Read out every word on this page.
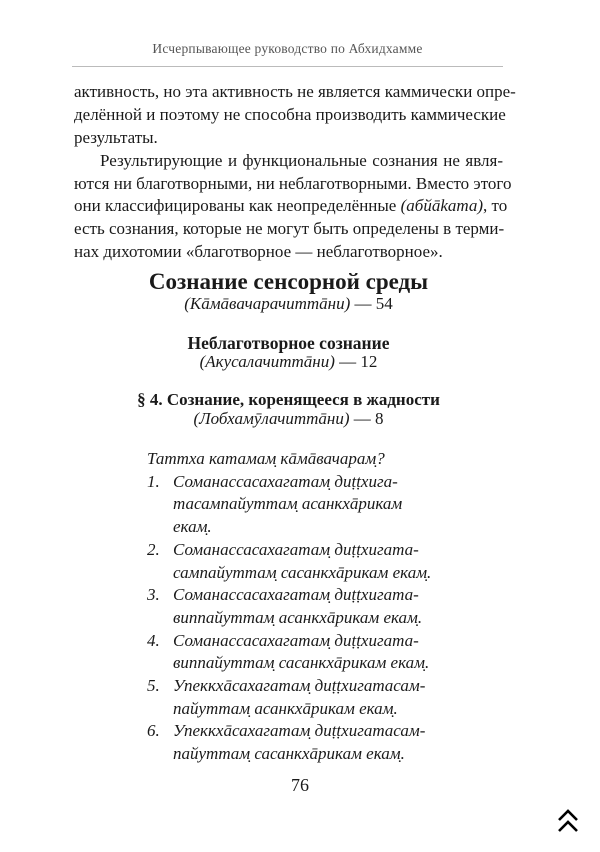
Исчерпывающее руководство по Абхидхамме
активность, но эта активность не является каммически опре-
делённой и поэтому не способна производить каммические
результаты.
Результирующие и функциональные сознания не явля-
ются ни благотворными, ни неблаготворными. Вместо этого
они классифицированы как неопределённые (абйākата), то
есть сознания, которые не могут быть определены в терми-
нах дихотомии «благотворное — неблаготворное».
Сознание сенсорной среды
(Кāмāвачарачиттāни) — 54
Неблаготворное сознание
(Акусалачиттāни) — 12
§ 4. Сознание, коренящееся в жадности
(Лобхамӯлачиттāни) — 8
Таттха катамам̣ кāмāвачарам̣?
1. Соманассасахагатам̣ диṭṭхига-
тасампайуттам̣ асанкхāрикам
екам̣.
2. Соманассасахагатам̣ диṭṭхигата-
сампайуттам̣ сасанкхāрикам екам̣.
3. Соманассасахагатам̣ диṭṭхигата-
виппайуттам̣ асанкхāрикам екам̣.
4. Соманассасахагатам̣ диṭṭхигата-
виппайуттам̣ сасанкхāрикам екам̣.
5. Упеккхāсахагатам̣ диṭṭхигатасам-
пайуттам̣ асанкхāрикам екам̣.
6. Упеккхāсахагатам̣ диṭṭхигатасам-
пайуттам̣ сасанкхāрикам екам̣.
76
